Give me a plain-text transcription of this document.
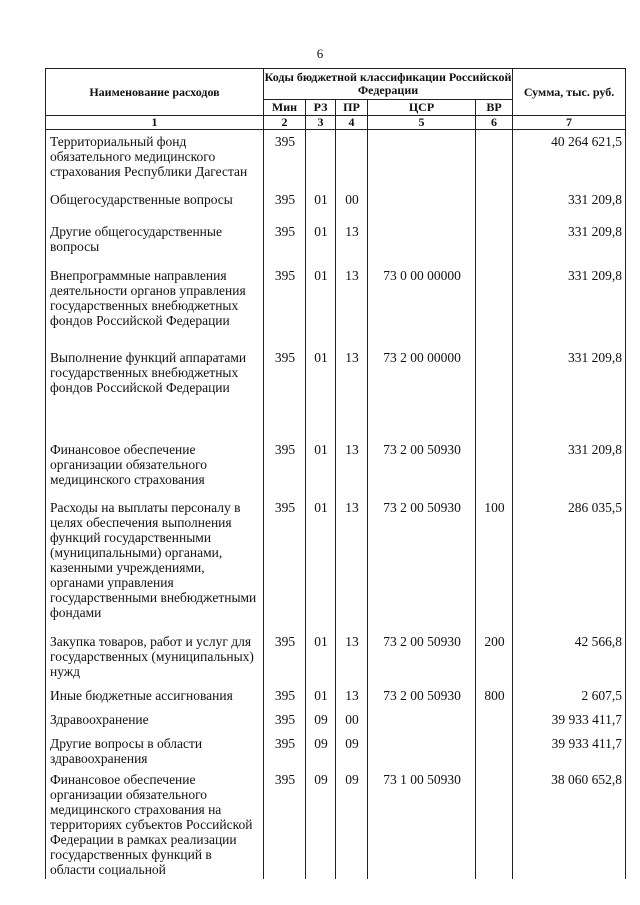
6
Наименование расходов	Коды бюджетной классификации Российской Федерации					Сумма, тыс. руб.
	Мин	РЗ	ПР	ЦСР	ВР	
1	2	3	4	5	6	7
Территориальный фонд обязательного медицинского страхования Республики Дагестан	395					40 264 621,5
Общегосударственные вопросы	395	01	00			331 209,8
Другие общегосударственные вопросы	395	01	13			331 209,8
Внепрограммные направления деятельности органов управления государственных внебюджетных фондов Российской Федерации	395	01	13	73 0 00 00000		331 209,8
Выполнение функций аппаратами государственных внебюджетных фондов Российской Федерации	395	01	13	73 2 00 00000		331 209,8
Финансовое обеспечение организации обязательного медицинского страхования	395	01	13	73 2 00 50930		331 209,8
Расходы на выплаты персоналу в целях обеспечения выполнения функций государственными (муниципальными) органами, казенными учреждениями, органами управления государственными внебюджетными фондами	395	01	13	73 2 00 50930	100	286 035,5
Закупка товаров, работ и услуг для государственных (муниципальных) нужд	395	01	13	73 2 00 50930	200	42 566,8
Иные бюджетные ассигнования	395	01	13	73 2 00 50930	800	2 607,5
Здравоохранение	395	09	00			39 933 411,7
Другие вопросы в области здравоохранения	395	09	09			39 933 411,7
Финансовое обеспечение организации обязательного медицинского страхования на территориях субъектов Российской Федерации в рамках реализации государственных функций в области социальной	395	09	09	73 1 00 50930		38 060 652,8
